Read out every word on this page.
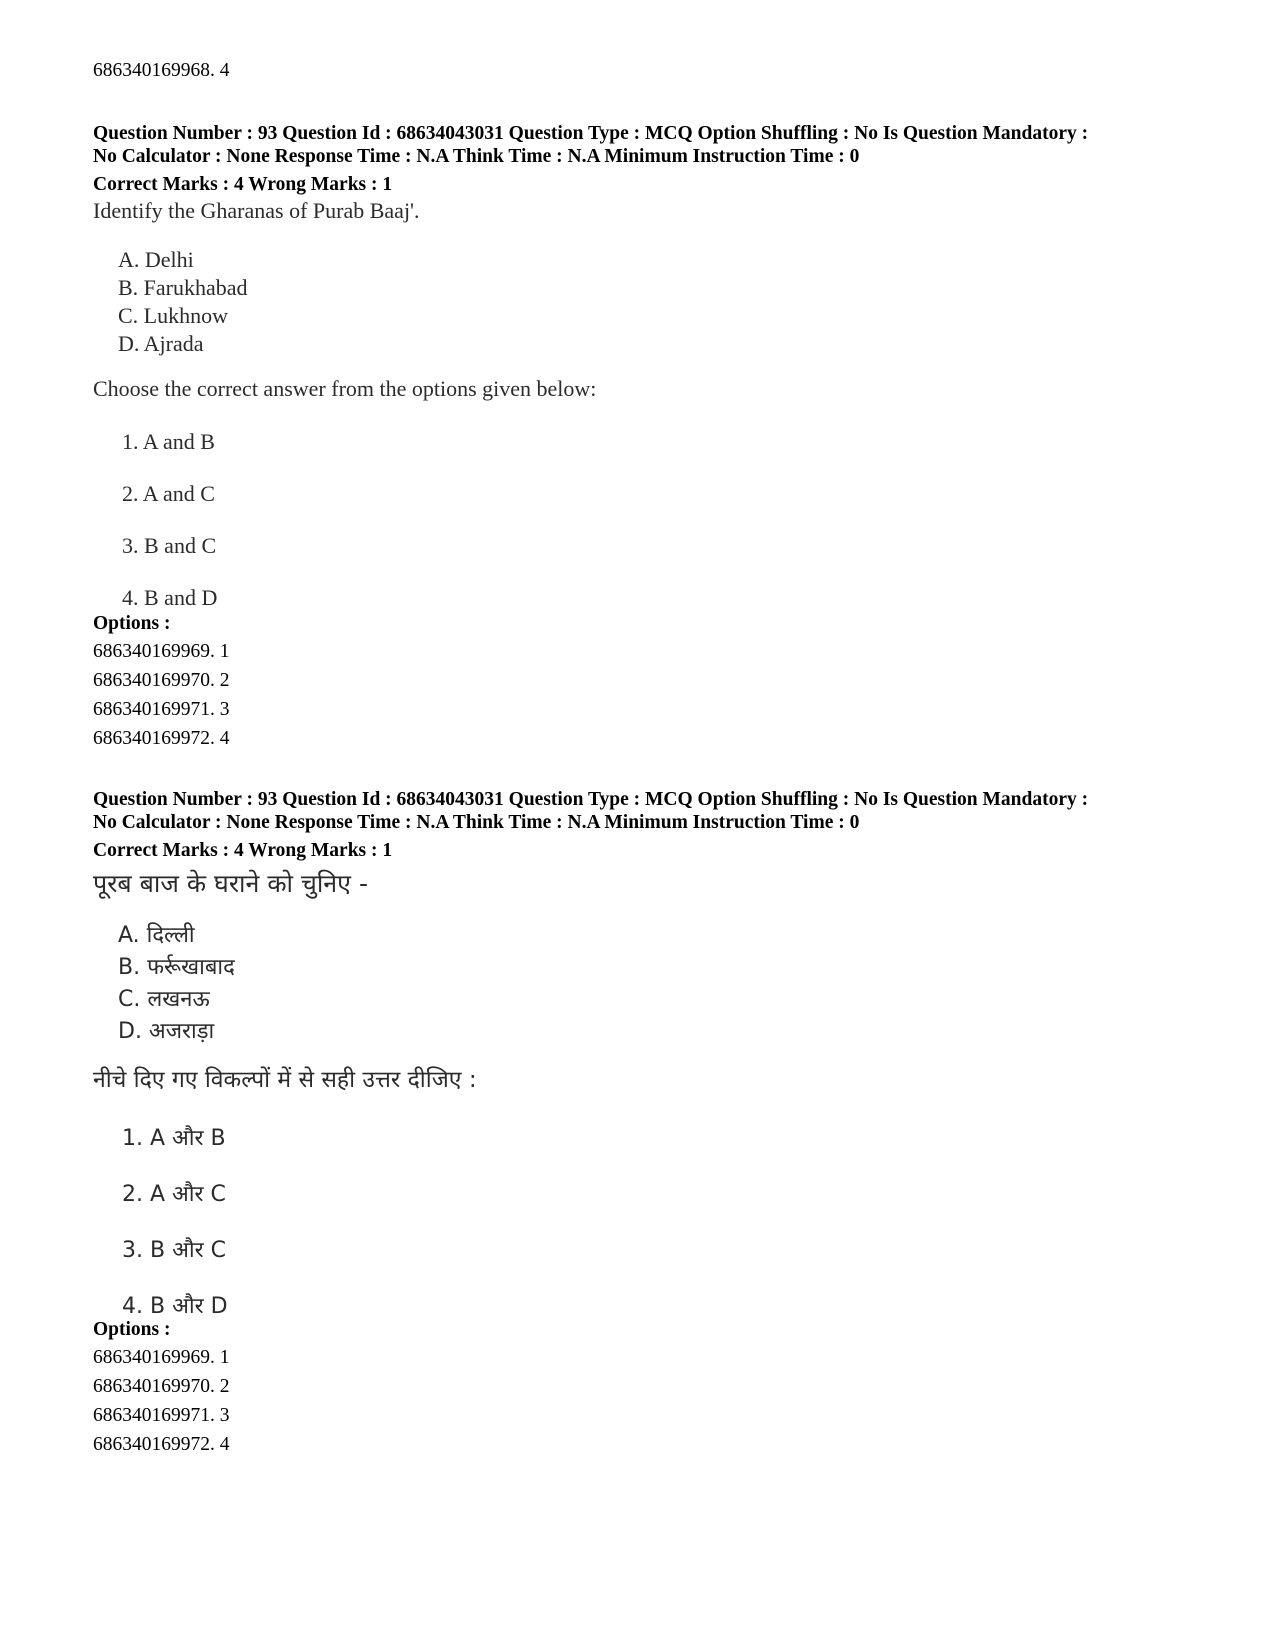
686340169968. 4
Question Number : 93 Question Id : 68634043031 Question Type : MCQ Option Shuffling : No Is Question Mandatory :
No Calculator : None Response Time : N.A Think Time : N.A Minimum Instruction Time : 0
Correct Marks : 4 Wrong Marks : 1
Identify the Gharanas of Purab Baaj'.
A. Delhi
B. Farukhabad
C. Lukhnow
D. Ajrada
Choose the correct answer from the options given below:
1. A and B
2. A and C
3. B and C
4. B and D
Options :
686340169969. 1
686340169970. 2
686340169971. 3
686340169972. 4
Question Number : 93 Question Id : 68634043031 Question Type : MCQ Option Shuffling : No Is Question Mandatory :
No Calculator : None Response Time : N.A Think Time : N.A Minimum Instruction Time : 0
Correct Marks : 4 Wrong Marks : 1
पूरब बाज के घराने को चुनिए -
A. दिल्ली
B. फर्रूखाबाद
C. लखनऊ
D. अजराड़ा
नीचे दिए गए विकल्पों में से सही उत्तर दीजिए :
1. A और B
2. A और C
3. B और C
4. B और D
Options :
686340169969. 1
686340169970. 2
686340169971. 3
686340169972. 4
